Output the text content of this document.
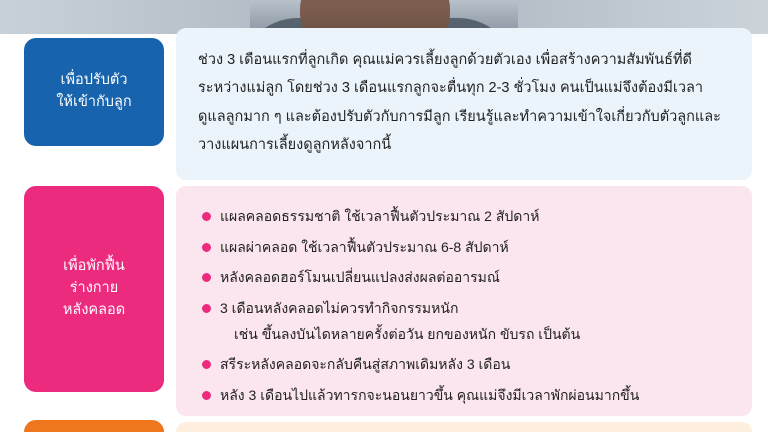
เพื่อปรับตัว
ให้เข้ากับลูก
เพื่อพักฟื้น
ร่างกาย
หลังคลอด

ช่วง 3 เดือนแรกที่ลูกเกิด คุณแม่ควรเลี้ยงลูกด้วยตัวเอง เพื่อสร้างความสัมพันธ์ที่ดีระหว่างแม่ลูก โดยช่วง 3 เดือนแรกลูกจะตื่นทุก 2-3 ชั่วโมง คนเป็นแม่จึงต้องมีเวลาดูแลลูกมาก ๆ และต้องปรับตัวกับการมีลูก เรียนรู้และทำความเข้าใจเกี่ยวกับตัวลูกและวางแผนการเลี้ยงดูลูกหลังจากนี้

แผลคลอดธรรมชาติ ใช้เวลาฟื้นตัวประมาณ 2 สัปดาห์
แผลผ่าคลอด ใช้เวลาฟื้นตัวประมาณ 6-8 สัปดาห์
หลังคลอดฮอร์โมนเปลี่ยนแปลงส่งผลต่ออารมณ์
3 เดือนหลังคลอดไม่ควรทำกิจกรรมหนัก
เช่น ขึ้นลงบันไดหลายครั้งต่อวัน ยกของหนัก ขับรถ เป็นต้น
สรีระหลังคลอดจะกลับคืนสู่สภาพเดิมหลัง 3 เดือน
หลัง 3 เดือนไปแล้วทารกจะนอนยาวขึ้น คุณแม่จึงมีเวลาพักผ่อนมากขึ้น
